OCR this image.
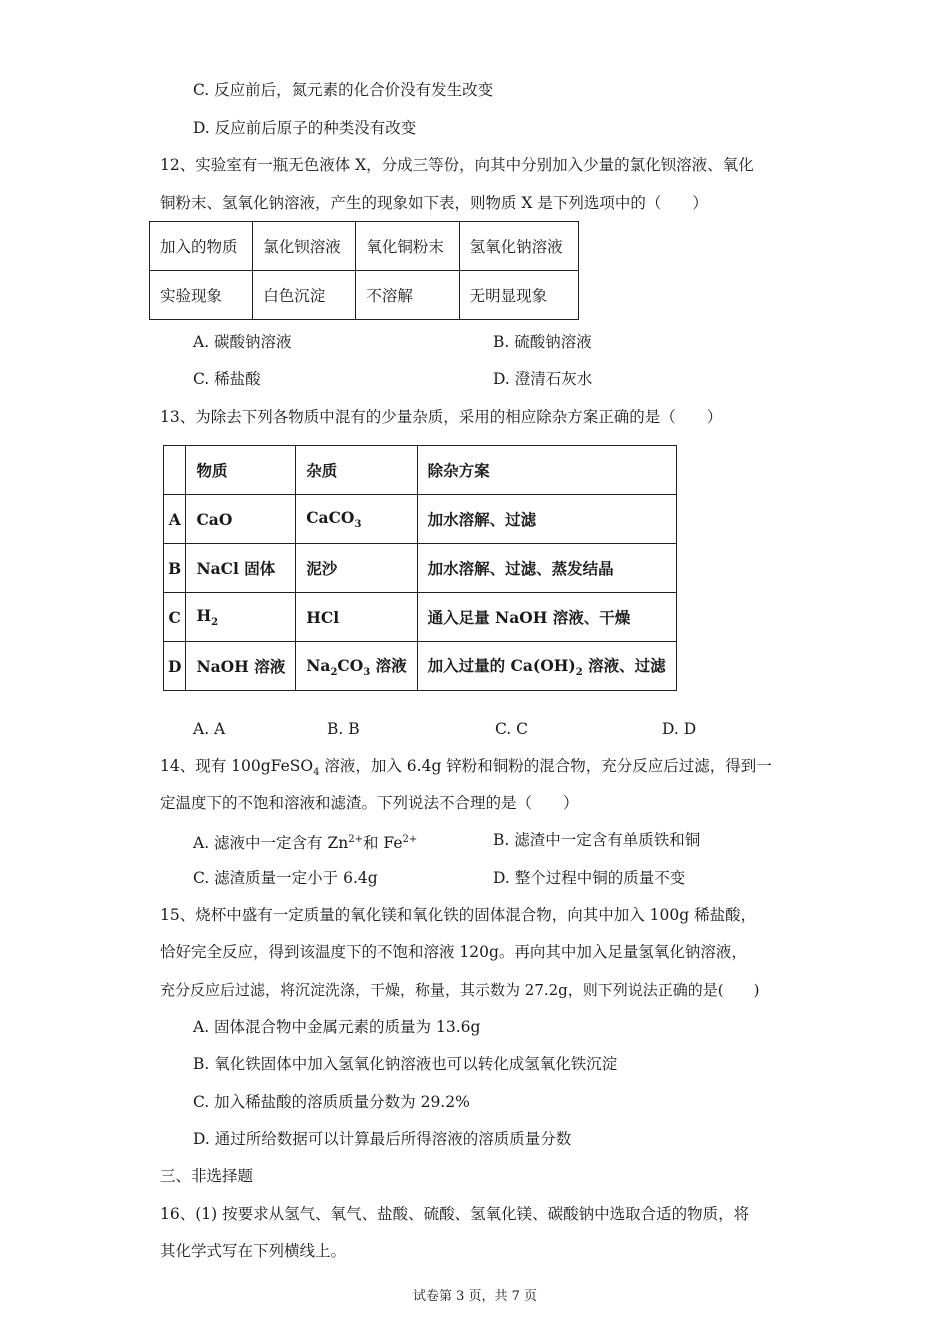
C. 反应前后，氮元素的化合价没有发生改变
D. 反应前后原子的种类没有改变
12、实验室有一瓶无色液体 X，分成三等份，向其中分别加入少量的氯化钡溶液、氧化
铜粉末、氢氧化钠溶液，产生的现象如下表，则物质 X 是下列选项中的（　　）
加入的物质	氯化钡溶液	氧化铜粉末	氢氧化钠溶液
实验现象	白色沉淀	不溶解	无明显现象
A. 碳酸钠溶液	B. 硫酸钠溶液
C. 稀盐酸	D. 澄清石灰水
13、为除去下列各物质中混有的少量杂质，采用的相应除杂方案正确的是（　　）
	物质	杂质	除杂方案
A	CaO	CaCO$_3$	加水溶解、过滤
B	NaCl 固体	泥沙	加水溶解、过滤、蒸发结晶
C	$H_2$	HCl	通入足量 NaOH 溶液、干燥
D	NaOH 溶液	$Na_2CO_3$ 溶液	加入过量的 $Ca(OH)_2$ 溶液、过滤
A. A	B. B	C. C	D. D
14、现有 100gFeSO$_4$ 溶液，加入 6.4g 锌粉和铜粉的混合物，充分反应后过滤，得到一
定温度下的不饱和溶液和滤渣。下列说法不合理的是（　　）
A. 滤液中一定含有 $Zn^{2+}$和 $Fe^{2+}$	B. 滤渣中一定含有单质铁和铜
C. 滤渣质量一定小于 6.4g	D. 整个过程中铜的质量不变
15、烧杯中盛有一定质量的氧化镁和氧化铁的固体混合物，向其中加入 100g 稀盐酸，
恰好完全反应，得到该温度下的不饱和溶液 120g。再向其中加入足量氢氧化钠溶液，
充分反应后过滤，将沉淀洗涤，干燥，称量，其示数为 27.2g，则下列说法正确的是(　　)
A. 固体混合物中金属元素的质量为 13.6g
B. 氧化铁固体中加入氢氧化钠溶液也可以转化成氢氧化铁沉淀
C. 加入稀盐酸的溶质质量分数为 29.2%
D. 通过所给数据可以计算最后所得溶液的溶质质量分数
三、非选择题
16、(1) 按要求从氢气、氧气、盐酸、硫酸、氢氧化镁、碳酸钠中选取合适的物质，将
其化学式写在下列横线上。
试卷第 3 页，共 7 页
